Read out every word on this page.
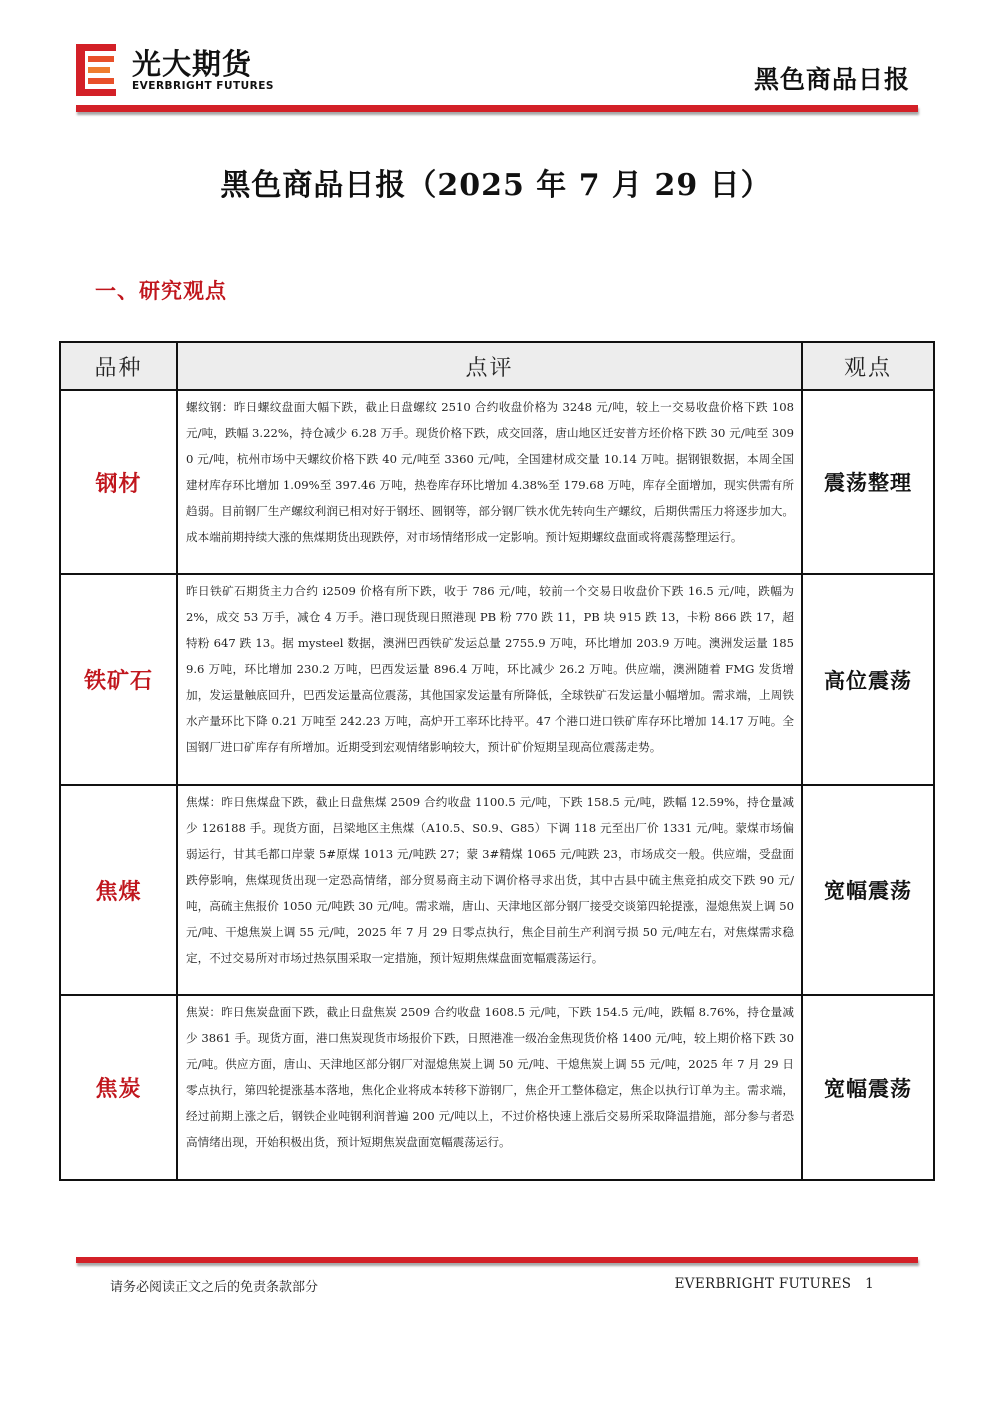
光大期货
EVERBRIGHT FUTURES	黑色商品日报
黑色商品日报（2025 年 7 月 29 日）
一、研究观点
品种	点评	观点
钢材	螺纹钢：昨日螺纹盘面大幅下跌，截止日盘螺纹 2510 合约收盘价格为 3248 元/吨，较上一交易收盘价格下跌 108 元/吨，跌幅 3.22%，持仓减少 6.28 万手。现货价格下跌，成交回落，唐山地区迁安普方坯价格下跌 30 元/吨至 3090 元/吨，杭州市场中天螺纹价格下跌 40 元/吨至 3360 元/吨，全国建材成交量 10.14 万吨。据钢银数据，本周全国建材库存环比增加 1.09%至 397.46 万吨，热卷库存环比增加 4.38%至 179.68 万吨，库存全面增加，现实供需有所趋弱。目前钢厂生产螺纹利润已相对好于钢坯、圆钢等，部分钢厂铁水优先转向生产螺纹，后期供需压力将逐步加大。成本端前期持续大涨的焦煤期货出现跌停，对市场情绪形成一定影响。预计短期螺纹盘面或将震荡整理运行。	震荡整理
铁矿石	昨日铁矿石期货主力合约 i2509 价格有所下跌，收于 786 元/吨，较前一个交易日收盘价下跌 16.5 元/吨，跌幅为 2%，成交 53 万手，减仓 4 万手。港口现货现日照港现 PB 粉 770 跌 11，PB 块 915 跌 13，卡粉 866 跌 17，超特粉 647 跌 13。据 mysteel 数据，澳洲巴西铁矿发运总量 2755.9 万吨，环比增加 203.9 万吨。澳洲发运量 1859.6 万吨，环比增加 230.2 万吨，巴西发运量 896.4 万吨，环比减少 26.2 万吨。供应端，澳洲随着 FMG 发货增加，发运量触底回升，巴西发运量高位震荡，其他国家发运量有所降低，全球铁矿石发运量小幅增加。需求端，上周铁水产量环比下降 0.21 万吨至 242.23 万吨，高炉开工率环比持平。47 个港口进口铁矿库存环比增加 14.17 万吨。全国钢厂进口矿库存有所增加。近期受到宏观情绪影响较大，预计矿价短期呈现高位震荡走势。	高位震荡
焦煤	焦煤：昨日焦煤盘下跌，截止日盘焦煤 2509 合约收盘 1100.5 元/吨，下跌 158.5 元/吨，跌幅 12.59%，持仓量减少 126188 手。现货方面，吕梁地区主焦煤（A10.5、S0.9、G85）下调 118 元至出厂价 1331 元/吨。蒙煤市场偏弱运行，甘其毛都口岸蒙 5#原煤 1013 元/吨跌 27；蒙 3#精煤 1065 元/吨跌 23，市场成交一般。供应端，受盘面跌停影响，焦煤现货出现一定恐高情绪，部分贸易商主动下调价格寻求出货，其中古县中硫主焦竞拍成交下跌 90 元/吨，高硫主焦报价 1050 元/吨跌 30 元/吨。需求端，唐山、天津地区部分钢厂接受交谈第四轮提涨，湿熄焦炭上调 50 元/吨、干熄焦炭上调 55 元/吨，2025 年 7 月 29 日零点执行，焦企目前生产利润亏损 50 元/吨左右，对焦煤需求稳定，不过交易所对市场过热氛围采取一定措施，预计短期焦煤盘面宽幅震荡运行。	宽幅震荡
焦炭	焦炭：昨日焦炭盘面下跌，截止日盘焦炭 2509 合约收盘 1608.5 元/吨，下跌 154.5 元/吨，跌幅 8.76%，持仓量减少 3861 手。现货方面，港口焦炭现货市场报价下跌，日照港准一级冶金焦现货价格 1400 元/吨，较上期价格下跌 30 元/吨。供应方面，唐山、天津地区部分钢厂对湿熄焦炭上调 50 元/吨、干熄焦炭上调 55 元/吨，2025 年 7 月 29 日零点执行，第四轮提涨基本落地，焦化企业将成本转移下游钢厂，焦企开工整体稳定，焦企以执行订单为主。需求端，经过前期上涨之后，钢铁企业吨钢利润普遍 200 元/吨以上，不过价格快速上涨后交易所采取降温措施，部分参与者恐高情绪出现，开始积极出货，预计短期焦炭盘面宽幅震荡运行。	宽幅震荡
请务必阅读正文之后的免责条款部分	EVERBRIGHT FUTURES 1
